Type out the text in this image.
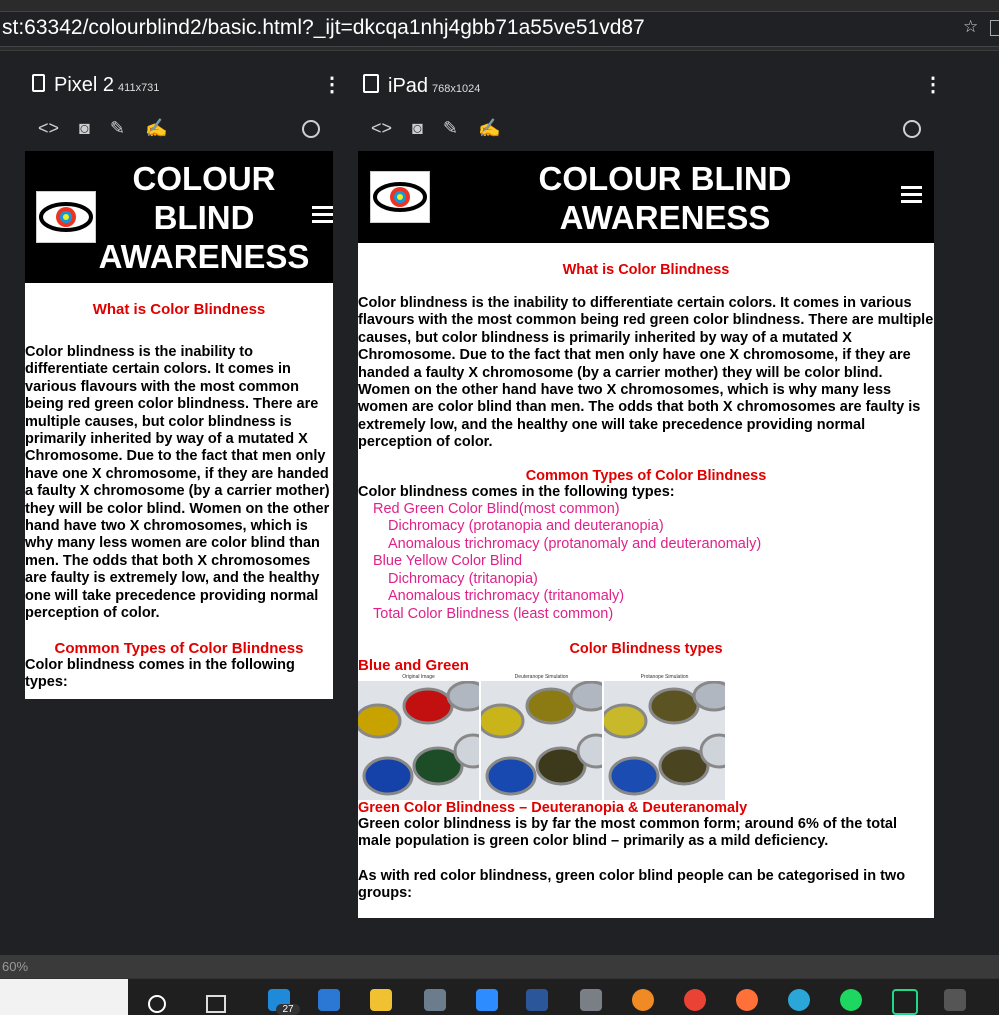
st:63342/colourblind2/basic.html?_ijt=dkcqa1nhj4gbb71a55ve51vd87	☆
Pixel 2 411x731	⋮
<> ◙ ✎ ✍
iPad 768x1024	⋮
<> ◙ ✎ ✍
COLOUR
BLIND
AWARENESS
What is Color Blindness

Color blindness is the inability to differentiate certain colors. It comes in various flavours with the most common being red green color blindness. There are multiple causes, but color blindness is primarily inherited by way of a mutated X Chromosome. Due to the fact that men only have one X chromosome, if they are handed a faulty X chromosome (by a carrier mother) they will be color blind. Women on the other hand have two X chromosomes, which is why many less women are color blind than men. The odds that both X chromosomes are faulty is extremely low, and the healthy one will take precedence providing normal perception of color.

Common Types of Color Blindness

Color blindness comes in the following types:

COLOUR BLIND
AWARENESS
What is Color Blindness

Color blindness is the inability to differentiate certain colors. It comes in various flavours with the most common being red green color blindness. There are multiple causes, but color blindness is primarily inherited by way of a mutated X Chromosome. Due to the fact that men only have one X chromosome, if they are handed a faulty X chromosome (by a carrier mother) they will be color blind. Women on the other hand have two X chromosomes, which is why many less women are color blind than men. The odds that both X chromosomes are faulty is extremely low, and the healthy one will take precedence providing normal perception of color.

Common Types of Color Blindness

Color blindness comes in the following types:

Red Green Color Blind(most common)
Dichromacy (protanopia and deuteranopia)
Anomalous trichromacy (protanomaly and deuteranomaly)
Blue Yellow Color Blind
Dichromacy (tritanopia)
Anomalous trichromacy (tritanomaly)
Total Color Blindness (least common)
Color Blindness types
Blue and Green
Original Image	Deuteranope Simulation	Protanope Simulation
Green Color Blindness – Deuteranopia & Deuteranomaly

Green color blindness is by far the most common form; around 6% of the total male population is green color blind – primarily as a mild deficiency.

As with red color blindness, green color blind people can be categorised in two groups:

60%
27
